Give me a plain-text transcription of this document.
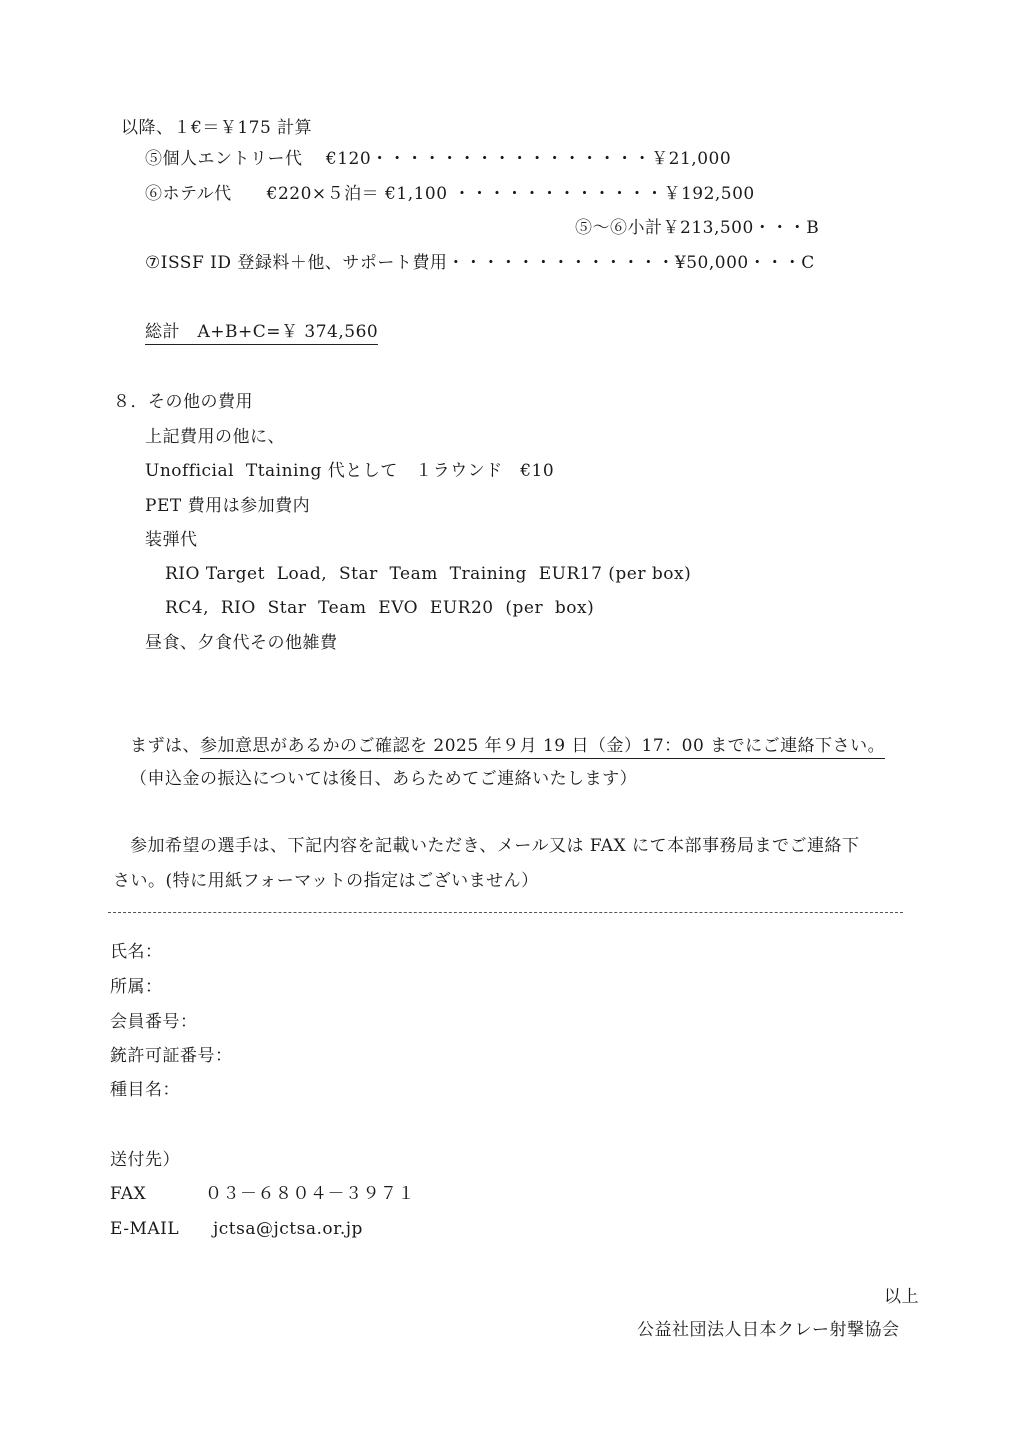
以降、１€＝￥175 計算
⑤個人エントリー代　 €120・・・・・・・・・・・・・・・・￥21,000
⑥ホテル代　　€220×５泊＝ €1,100 ・・・・・・・・・・・・￥192,500
⑤～⑥小計￥213,500・・・B
⑦ISSF ID 登録料＋他、サポート費用・・・・・・・・・・・・・¥50,000・・・C
総計　A+B+C=￥ 374,560
８．その他の費用
上記費用の他に、
Unofficial  Ttaining 代として　１ラウンド　€10
PET 費用は参加費内
装弾代
RIO Target  Load,  Star  Team  Training  EUR17 (per box)
RC4,  RIO  Star  Team  EVO  EUR20  (per  box)
昼食、夕食代その他雑費
まずは、参加意思があるかのご確認を 2025 年９月 19 日（金）17：00 までにご連絡下さい。
（申込金の振込については後日、あらためてご連絡いたします）
参加希望の選手は、下記内容を記載いただき、メール又は FAX にて本部事務局までご連絡下
さい。(特に用紙フォーマットの指定はございません）
氏名：
所属：
会員番号：
銃許可証番号：
種目名：
送付先）
FAX	０３－６８０４－３９７１
E-MAIL jctsa@jctsa.or.jp
以上
公益社団法人日本クレー射撃協会
